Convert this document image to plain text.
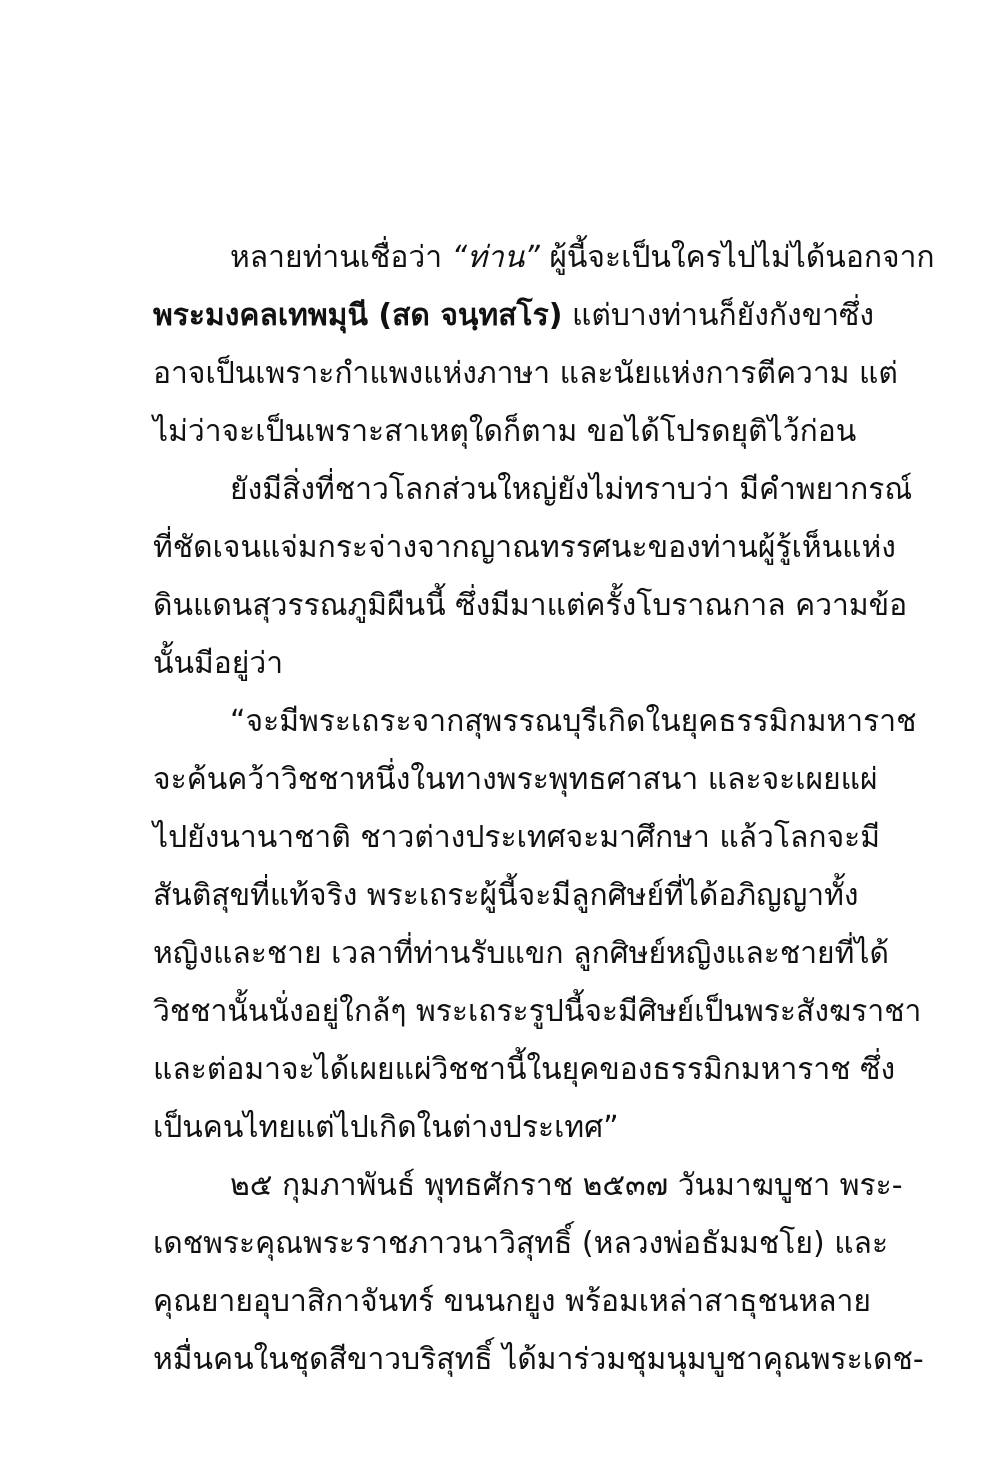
หลายท่านเชื่อว่า “ท่าน” ผู้นี้จะเป็นใครไปไม่ได้นอกจาก
พระมงคลเทพมุนี (สด จนฺทสโร) แต่บางท่านก็ยังกังขาซึ่ง
อาจเป็นเพราะกำแพงแห่งภาษา และนัยแห่งการตีความ แต่
ไม่ว่าจะเป็นเพราะสาเหตุใดก็ตาม ขอได้โปรดยุติไว้ก่อน
ยังมีสิ่งที่ชาวโลกส่วนใหญ่ยังไม่ทราบว่า มีคำพยากรณ์
ที่ชัดเจนแจ่มกระจ่างจากญาณทรรศนะของท่านผู้รู้เห็นแห่ง
ดินแดนสุวรรณภูมิผืนนี้ ซึ่งมีมาแต่ครั้งโบราณกาล ความข้อ
นั้นมีอยู่ว่า
“จะมีพระเถระจากสุพรรณบุรีเกิดในยุคธรรมิกมหาราช
จะค้นคว้าวิชชาหนึ่งในทางพระพุทธศาสนา และจะเผยแผ่
ไปยังนานาชาติ ชาวต่างประเทศจะมาศึกษา แล้วโลกจะมี
สันติสุขที่แท้จริง พระเถระผู้นี้จะมีลูกศิษย์ที่ได้อภิญญาทั้ง
หญิงและชาย เวลาที่ท่านรับแขก ลูกศิษย์หญิงและชายที่ได้
วิชชานั้นนั่งอยู่ใกล้ๆ พระเถระรูปนี้จะมีศิษย์เป็นพระสังฆราชา
และต่อมาจะได้เผยแผ่วิชชานี้ในยุคของธรรมิกมหาราช ซึ่ง
เป็นคนไทยแต่ไปเกิดในต่างประเทศ”
๒๕ กุมภาพันธ์ พุทธศักราช ๒๕๓๗ วันมาฆบูชา พระ-
เดชพระคุณพระราชภาวนาวิสุทธิ์ (หลวงพ่อธัมมชโย) และ
คุณยายอุบาสิกาจันทร์ ขนนกยูง พร้อมเหล่าสาธุชนหลาย
หมื่นคนในชุดสีขาวบริสุทธิ์ ได้มาร่วมชุมนุมบูชาคุณพระเดช-
